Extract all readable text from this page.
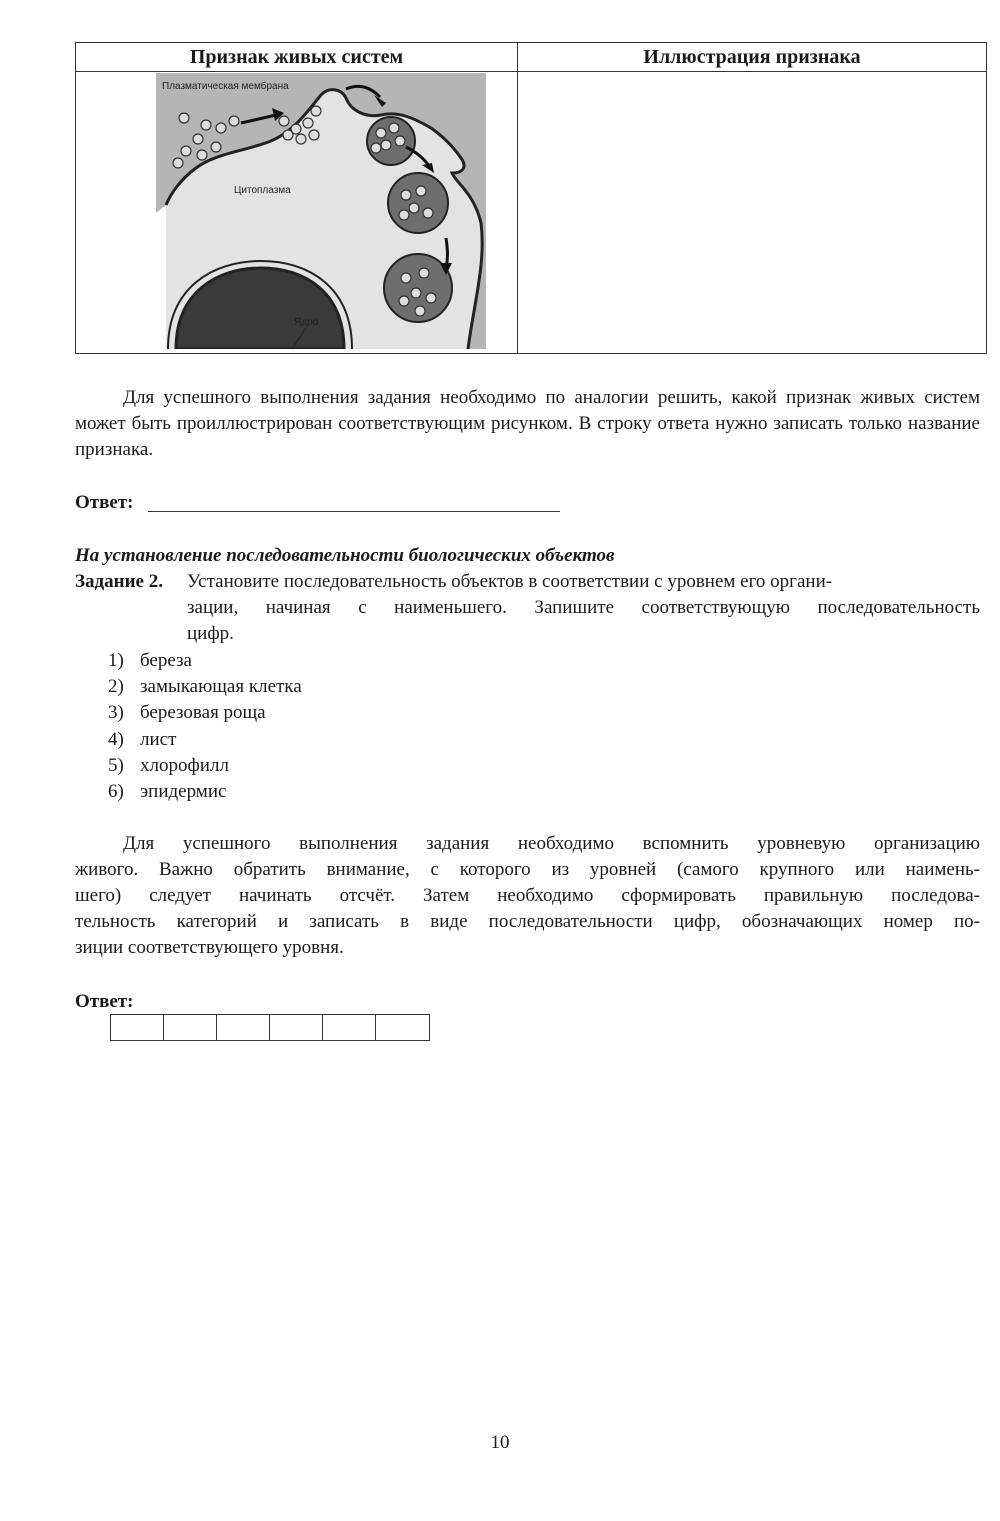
Признак живых систем	Иллюстрация признака
Плазматическая мембрана
Цитоплазма
Ядро
Для успешного выполнения задания необходимо по аналогии решить, какой признак живых систем может быть проиллюстрирован соответствующим рисунком. В строку ответа нужно записать только название признака.
Ответ:
На установление последовательности биологических объектов
Задание 2. Установите последовательность объектов в соответствии с уровнем его органи-
зации, начиная с наименьшего. Запишите соответствующую последовательность
цифр.
1) береза
2) замыкающая клетка
3) березовая роща
4) лист
5) хлорофилл
6) эпидермис
Для успешного выполнения задания необходимо вспомнить уровневую организацию
живого. Важно обратить внимание, с которого из уровней (самого крупного или наимень-
шего) следует начинать отсчёт. Затем необходимо сформировать правильную последова-
тельность категорий и записать в виде последовательности цифр, обозначающих номер по-
зиции соответствующего уровня.
Ответ:
10
